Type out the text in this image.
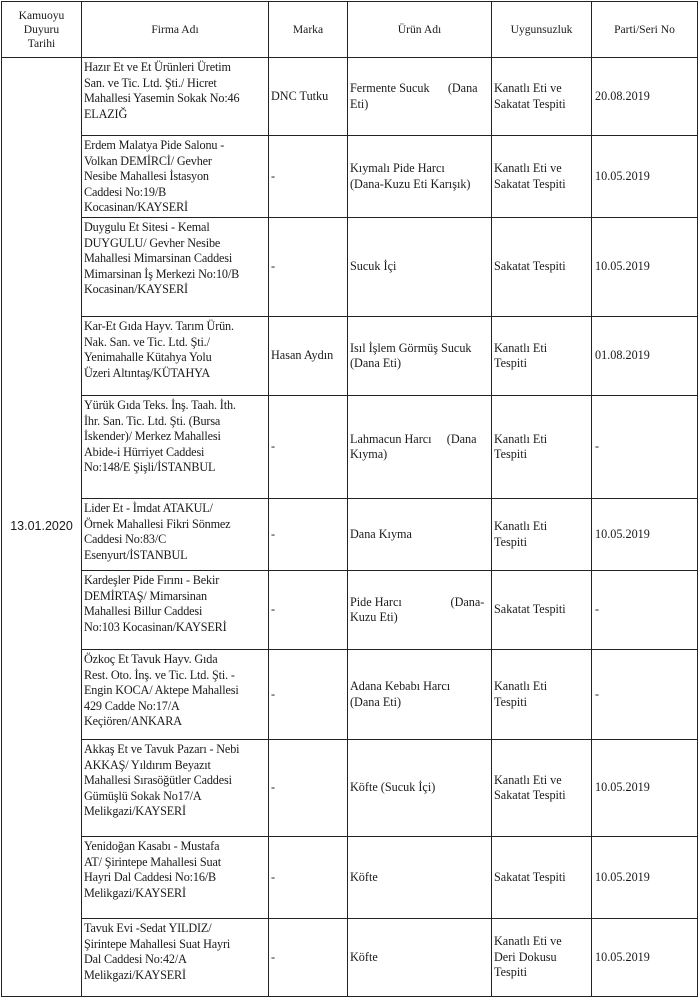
Kamuoyu
Duyuru
Tarihi	Firma Adı	Marka	Ürün Adı	Uygunsuzluk	Parti/Seri No
13.01.2020	Hazır Et ve Et Ürünleri Üretim
San. ve Tic. Ltd. Şti./ Hicret
Mahallesi Yasemin Sokak No:46
ELAZIĞ	DNC Tutku	Fermente Sucuk      (Dana
Eti)	Kanatlı Eti ve
Sakatat Tespiti	20.08.2019

	Erdem Malatya Pide Salonu -
Volkan DEMİRCİ/ Gevher
Nesibe Mahallesi İstasyon
Caddesi No:19/B
Kocasinan/KAYSERİ	-	Kıymalı Pide Harcı
(Dana-Kuzu Eti Karışık)	Kanatlı Eti ve
Sakatat Tespiti	10.05.2019

	Duygulu Et Sitesi - Kemal
DUYGULU/ Gevher Nesibe
Mahallesi Mimarsinan Caddesi
Mimarsinan İş Merkezi No:10/B
Kocasinan/KAYSERİ	-	Sucuk İçi	Sakatat Tespiti	10.05.2019

	Kar-Et Gıda Hayv. Tarım Ürün.
Nak. San. ve Tic. Ltd. Şti./
Yenimahalle Kütahya Yolu
Üzeri Altıntaş/KÜTAHYA	Hasan Aydın	Isıl İşlem Görmüş Sucuk
(Dana Eti)	Kanatlı Eti
Tespiti	01.08.2019

	Yürük Gıda Teks. İnş. Taah. İth.
İhr. San. Tic. Ltd. Şti. (Bursa
İskender)/ Merkez Mahallesi
Abide-i Hürriyet Caddesi
No:148/E Şişli/İSTANBUL	-	Lahmacun Harcı     (Dana
Kıyma)	Kanatlı Eti
Tespiti	-

	Lider Et - İmdat ATAKUL/
Örnek Mahallesi Fikri Sönmez
Caddesi No:83/C
Esenyurt/İSTANBUL	-	Dana Kıyma	Kanatlı Eti
Tespiti	10.05.2019

	Kardeşler Pide Fırını - Bekir
DEMİRTAŞ/ Mimarsinan
Mahallesi Billur Caddesi
No:103 Kocasinan/KAYSERİ	-	Pide Harcı                (Dana-
Kuzu Eti)	Sakatat Tespiti	-

	Özkoç Et Tavuk Hayv. Gıda
Rest. Oto. İnş. ve Tic. Ltd. Şti. -
Engin KOCA/ Aktepe Mahallesi
429 Cadde No:17/A
Keçiören/ANKARA	-	Adana Kebabı Harcı
(Dana Eti)	Kanatlı Eti
Tespiti	-

	Akkaş Et ve Tavuk Pazarı - Nebi
AKKAŞ/ Yıldırım Beyazıt
Mahallesi Sırasöğütler Caddesi
Gümüşlü Sokak No17/A
Melikgazi/KAYSERİ	-	Köfte (Sucuk İçi)	Kanatlı Eti ve
Sakatat Tespiti	10.05.2019

	Yenidoğan Kasabı - Mustafa
AT/ Şirintepe Mahallesi Suat
Hayri Dal Caddesi No:16/B
Melikgazi/KAYSERİ	-	Köfte	Sakatat Tespiti	10.05.2019

	Tavuk Evi -Sedat YILDIZ/
Şirintepe Mahallesi Suat Hayri
Dal Caddesi No:42/A
Melikgazi/KAYSERİ	-	Köfte	Kanatlı Eti ve
Deri Dokusu
Tespiti	10.05.2019
